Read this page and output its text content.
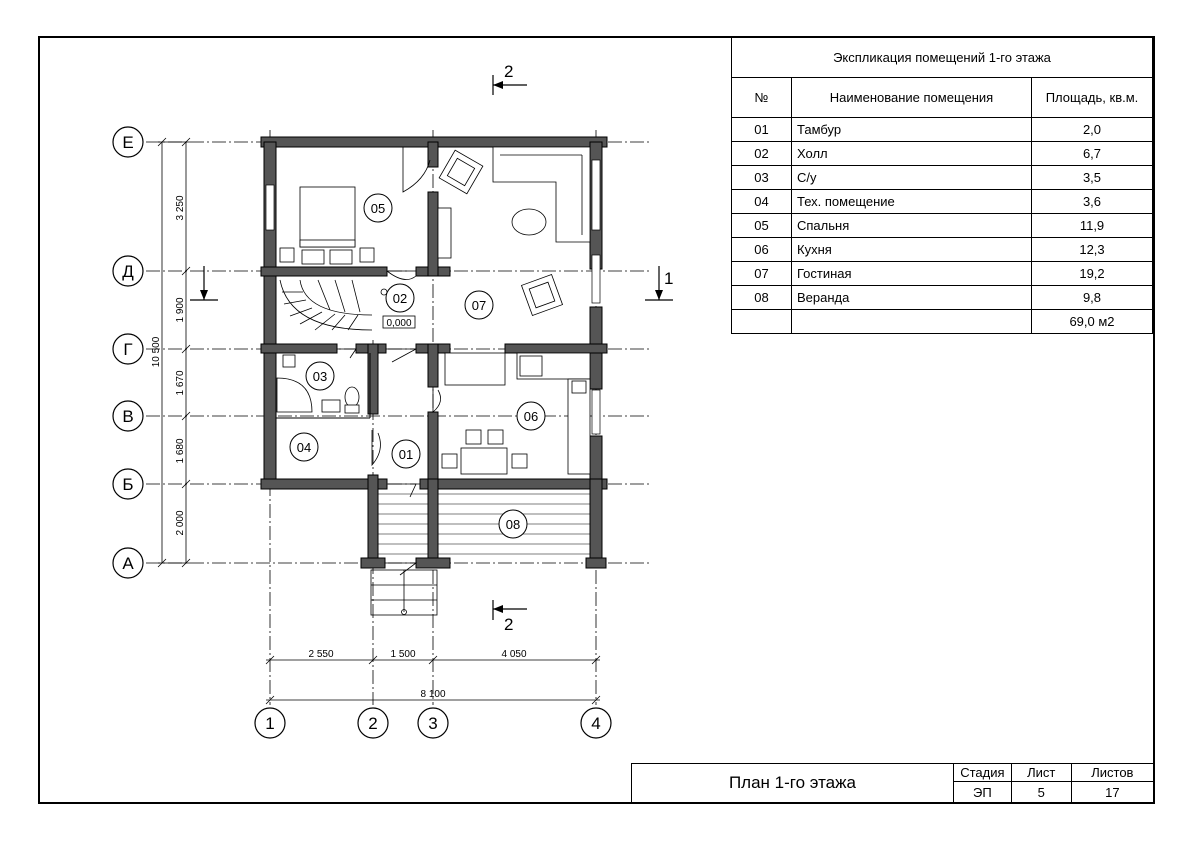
3 250
1 900
1 670
1 680
2 000
10 500
Е
Д
Г
В
Б
А
2 550	1 500	4 050
8 100
1	2	3	4
0,000
05
02	07
03
06
04	01
08
2
2
1
Экспликация помещений 1-го этажа		
№	Наименование помещения	Площадь, кв.м.
01	Тамбур	2,0
02	Холл	6,7
03	С/у	3,5
04	Тех. помещение	3,6
05	Спальня	11,9
06	Кухня	12,3
07	Гостиная	19,2
08	Веранда	9,8
		69,0 м2
План 1-го этажа	Стадия	Лист	Листов
	ЭП	5	17
